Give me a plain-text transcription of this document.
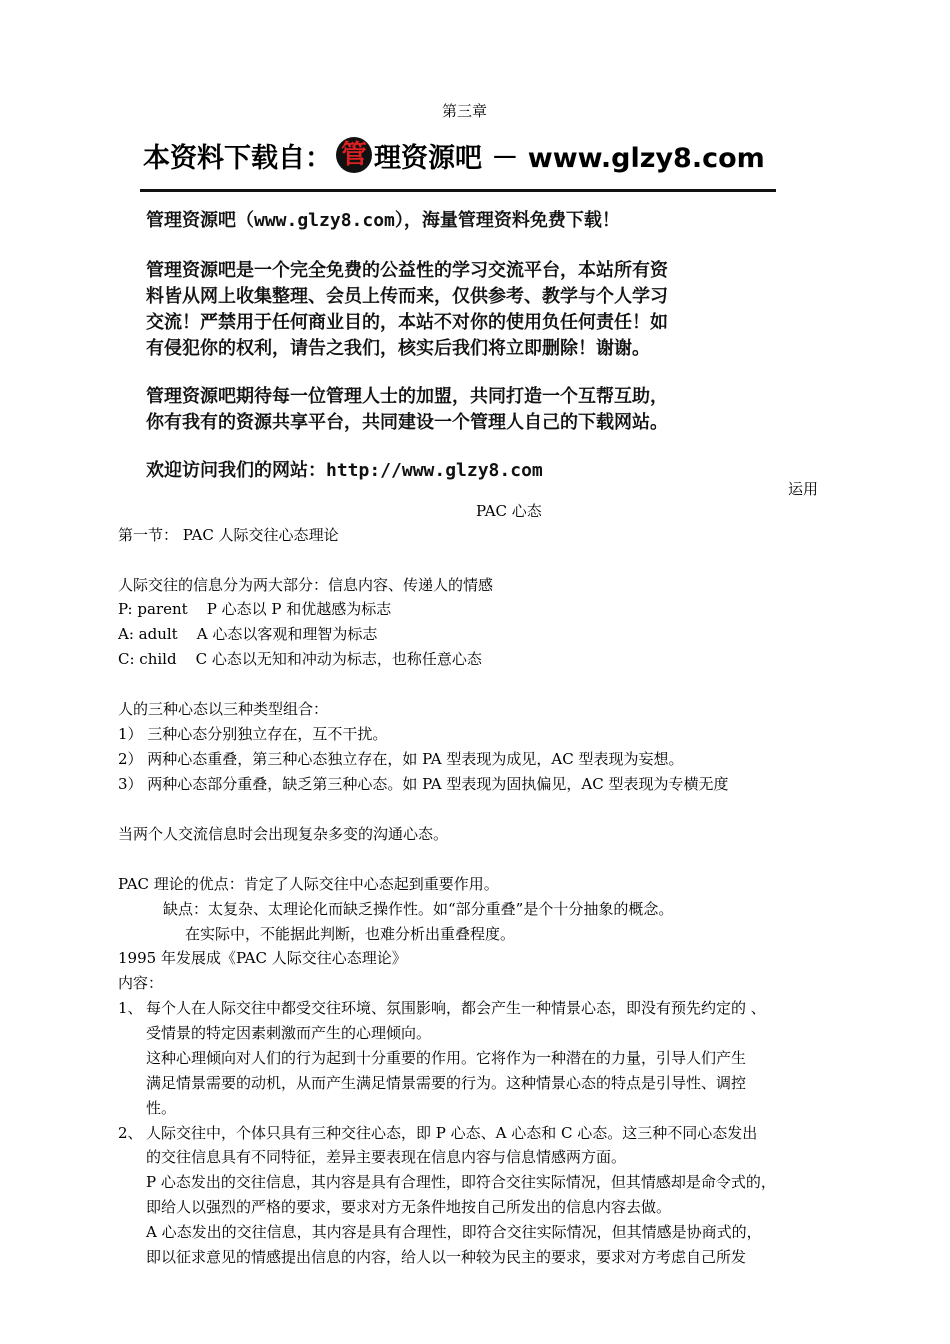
第三章
本资料下载自： 管 理资源吧 － www.glzy8.com
管理资源吧（www.glzy8.com），海量管理资料免费下载！
管理资源吧是一个完全免费的公益性的学习交流平台，本站所有资
料皆从网上收集整理、会员上传而来，仅供参考、教学与个人学习
交流！严禁用于任何商业目的，本站不对你的使用负任何责任！如
有侵犯你的权利，请告之我们，核实后我们将立即删除！谢谢。
管理资源吧期待每一位管理人士的加盟，共同打造一个互帮互助，
你有我有的资源共享平台，共同建设一个管理人自己的下载网站。
欢迎访问我们的网站：http://www.glzy8.com
运用
PAC 心态
第一节： PAC 人际交往心态理论
人际交往的信息分为两大部分：信息内容、传递人的情感
P: parent    P 心态以 P 和优越感为标志
A: adult    A 心态以客观和理智为标志
C: child    C 心态以无知和冲动为标志，也称任意心态
人的三种心态以三种类型组合：
1） 三种心态分别独立存在，互不干扰。
2） 两种心态重叠，第三种心态独立存在，如 PA 型表现为成见，AC 型表现为妄想。
3） 两种心态部分重叠，缺乏第三种心态。如 PA 型表现为固执偏见，AC 型表现为专横无度
当两个人交流信息时会出现复杂多变的沟通心态。
PAC 理论的优点：肯定了人际交往中心态起到重要作用。
缺点：太复杂、太理论化而缺乏操作性。如“部分重叠”是个十分抽象的概念。
在实际中，不能据此判断，也难分析出重叠程度。
1995 年发展成《PAC 人际交往心态理论》
内容：
1、 每个人在人际交往中都受交往环境、氛围影响，都会产生一种情景心态，即没有预先约定的 、
受情景的特定因素刺激而产生的心理倾向。
这种心理倾向对人们的行为起到十分重要的作用。它将作为一种潜在的力量，引导人们产生
满足情景需要的动机，从而产生满足情景需要的行为。这种情景心态的特点是引导性、调控
性。
2、 人际交往中，个体只具有三种交往心态，即 P 心态、A 心态和 C 心态。这三种不同心态发出
的交往信息具有不同特征，差异主要表现在信息内容与信息情感两方面。
P 心态发出的交往信息，其内容是具有合理性，即符合交往实际情况，但其情感却是命令式的，
即给人以强烈的严格的要求，要求对方无条件地按自己所发出的信息内容去做。
A 心态发出的交往信息，其内容是具有合理性，即符合交往实际情况，但其情感是协商式的，
即以征求意见的情感提出信息的内容，给人以一种较为民主的要求，要求对方考虑自己所发
